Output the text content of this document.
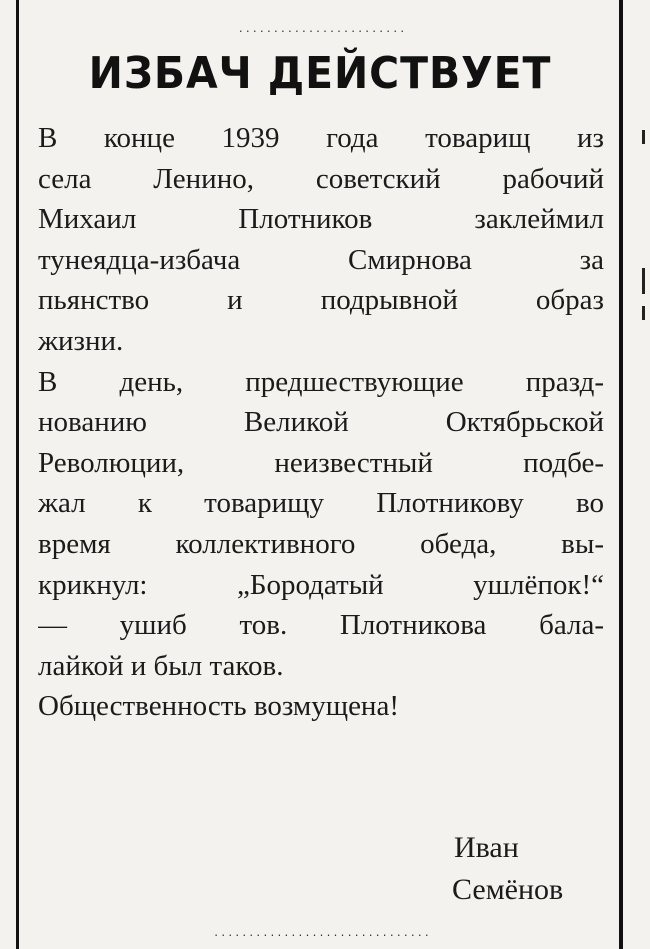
........................
ИЗБАЧ ДЕЙСТВУЕТ
В конце 1939 года товарищ из
села Ленино, советский рабочий
Михаил Плотников заклеймил
тунеядца-избача Смирнова за
пьянство и подрывной образ
жизни.
В день, предшествующие празд-
нованию Великой Октябрьской
Революции, неизвестный подбе-
жал к товарищу Плотникову во
время коллективного обеда, вы-
крикнул: „Бородатый ушлёпок!“
— ушиб тов. Плотникова бала-
лайкой и был таков.
Общественность возмущена!
Иван
Семёнов
...............................
